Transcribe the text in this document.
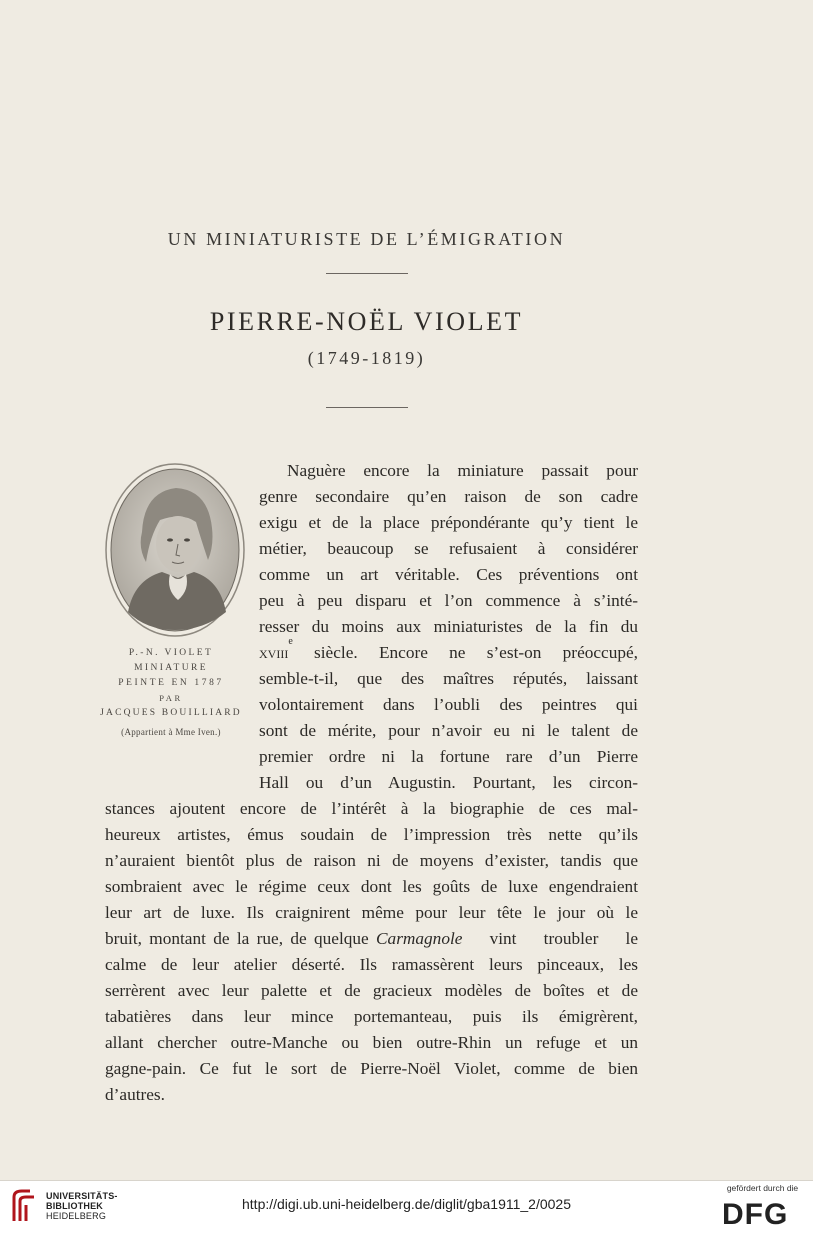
UN MINIATURISTE DE L’ÉMIGRATION
PIERRE-NOËL VIOLET
(1749-1819)
P.-N. VIOLET
MINIATURE
PEINTE EN 1787
PAR
JACQUES BOUILLIARD
(Appartient à Mme Iven.)
Naguère encore la miniature passait pour
genre secondaire qu’en raison de son cadre
exigu et de la place prépondérante qu’y tient le
métier, beaucoup se refusaient à considérer
comme un art véritable. Ces préventions ont
peu à peu disparu et l’on commence à s’inté-
resser du moins aux miniaturistes de la fin du
xviii
e
siècle. Encore ne s’est-on préoccupé,
semble-t-il, que des maîtres réputés, laissant
volontairement dans l’oubli des peintres qui
sont de mérite, pour n’avoir eu ni le talent de
premier ordre ni la fortune rare d’un Pierre
Hall ou d’un Augustin. Pourtant, les circon-
stances ajoutent encore de l’intérêt à la biographie de ces mal-
heureux artistes, émus soudain de l’impression très nette qu’ils
n’auraient bientôt plus de raison ni de moyens d’exister, tandis que
sombraient avec le régime ceux dont les goûts de luxe engendraient
leur art de luxe. Ils craignirent même pour leur tête le jour où le
bruit, montant de la rue, de quelque Carmagnole vint troubler le
calme de leur atelier déserté. Ils ramassèrent leurs pinceaux, les
serrèrent avec leur palette et de gracieux modèles de boîtes et de
tabatières dans leur mince portemanteau, puis ils émigrèrent,
allant chercher outre-Manche ou bien outre-Rhin un refuge et un
gagne-pain. Ce fut le sort de Pierre-Noël Violet, comme de bien
d’autres.
UNIVERSITÄTS-
BIBLIOTHEK
HEIDELBERG
http://digi.ub.uni-heidelberg.de/diglit/gba1911_2/0025
gefördert durch die
DFG
